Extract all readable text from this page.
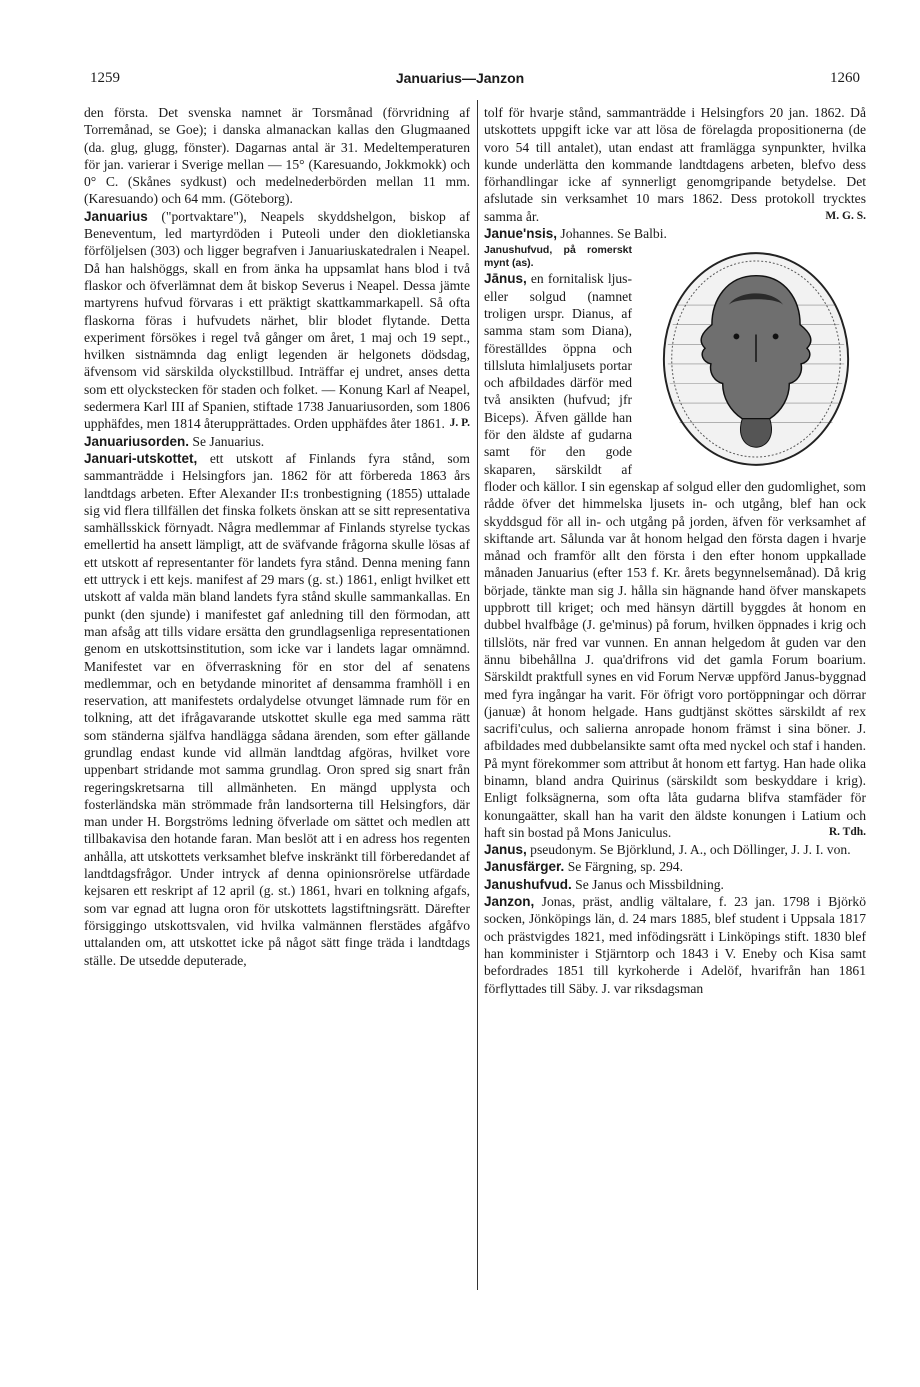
1259	Januarius—Janzon	1260

den första. Det svenska namnet är Torsmånad (förvridning af Torremånad, se Goe); i danska almanackan kallas den Glugmaaned (da. glug, glugg, fönster). Dagarnas antal är 31. Medeltemperaturen för jan. varierar i Sverige mellan — 15° (Karesuando, Jokkmokk) och 0° C. (Skånes sydkust) och medelnederbörden mellan 11 mm. (Karesuando) och 64 mm. (Göteborg).

Januarius ("portvaktare"), Neapels skyddshelgon, biskop af Beneventum, led martyrdöden i Puteoli under den diokletianska förföljelsen (303) och ligger begrafven i Januariuskatedralen i Neapel. Då han halshöggs, skall en from änka ha uppsamlat hans blod i två flaskor och öfverlämnat dem åt biskop Severus i Neapel. Dessa jämte martyrens hufvud förvaras i ett präktigt skattkammarkapell. Så ofta flaskorna föras i hufvudets närhet, blir blodet flytande. Detta experiment försökes i regel två gånger om året, 1 maj och 19 sept., hvilken sistnämnda dag enligt legenden är helgonets dödsdag, äfvensom vid särskilda olyckstillbud. Inträffar ej undret, anses detta som ett olyckstecken för staden och folket. — Konung Karl af Neapel, sedermera Karl III af Spanien, stiftade 1738 Januariusorden, som 1806 upphäfdes, men 1814 återupprättades. Orden upphäfdes åter 1861. J. P.

Januariusorden. Se Januarius.

Januari-utskottet, ett utskott af Finlands fyra stånd, som sammanträdde i Helsingfors jan. 1862 för att förbereda 1863 års landtdags arbeten. Efter Alexander II:s tronbestigning (1855) uttalade sig vid flera tillfällen det finska folkets önskan att se sitt representativa samhällsskick förnyadt. Några medlemmar af Finlands styrelse tyckas emellertid ha ansett lämpligt, att de sväfvande frågorna skulle lösas af ett utskott af representanter för landets fyra stånd. Denna mening fann ett uttryck i ett kejs. manifest af 29 mars (g. st.) 1861, enligt hvilket ett utskott af valda män bland landets fyra stånd skulle sammankallas. En punkt (den sjunde) i manifestet gaf anledning till den förmodan, att man afsåg att tills vidare ersätta den grundlagsenliga representationen genom en utskottsinstitution, som icke var i landets lagar omnämnd. Manifestet var en öfverraskning för en stor del af senatens medlemmar, och en betydande minoritet af densamma framhöll i en reservation, att manifestets ordalydelse otvunget lämnade rum för en tolkning, att det ifrågavarande utskottet skulle ega med samma rätt som ständerna själfva handlägga sådana ärenden, som efter gällande grundlag endast kunde vid allmän landtdag afgöras, hvilket vore uppenbart stridande mot samma grundlag. Oron spred sig snart från regeringskretsarna till allmänheten. En mängd upplysta och fosterländska män strömmade från landsorterna till Helsingfors, där man under H. Borgströms ledning öfverlade om sättet och medlen att tillbakavisa den hotande faran. Man beslöt att i en adress hos regenten anhålla, att utskottets verksamhet blefve inskränkt till förberedandet af landtdagsfrågor. Under intryck af denna opinionsrörelse utfärdade kejsaren ett reskript af 12 april (g. st.) 1861, hvari en tolkning afgafs, som var egnad att lugna oron för utskottets lagstiftningsrätt. Därefter försiggingo utskottsvalen, vid hvilka valmännen flerstädes afgåfvo uttalanden om, att utskottet icke på något sätt finge träda i landtdags ställe. De utsedde deputerade,

tolf för hvarje stånd, sammanträdde i Helsingfors 20 jan. 1862. Då utskottets uppgift icke var att lösa de förelagda propositionerna (de voro 54 till antalet), utan endast att framlägga synpunkter, hvilka kunde underlätta den kommande landtdagens arbeten, blefvo dess förhandlingar icke af synnerligt genomgripande betydelse. Det afslutade sin verksamhet 10 mars 1862. Dess protokoll trycktes samma år.	M. G. S.

Janue'nsis, Johannes. Se Balbi.

Janushufvud, på romerskt mynt (as).
Jānus, en fornitalisk ljus- eller solgud (namnet troligen urspr. Dianus, af samma stam som Diana), föreställdes öppna och tillsluta himlaljusets portar och afbildades därför med två ansikten (hufvud; jfr Biceps). Äfven gällde han för den äldste af gudarna samt för den gode skaparen, särskildt af floder och källor. I sin egenskap af solgud eller den gudomlighet, som rådde öfver det himmelska ljusets in- och utgång, blef han ock skyddsgud för all in- och utgång på jorden, äfven för verksamhet af skiftande art. Sålunda var åt honom helgad den första dagen i hvarje månad och framför allt den första i den efter honom uppkallade månaden Januarius (efter 153 f. Kr. årets begynnelsemånad). Då krig började, tänkte man sig J. hålla sin hägnande hand öfver manskapets uppbrott till kriget; och med hänsyn därtill byggdes åt honom en dubbel hvalfbåge (J. ge'minus) på forum, hvilken öppnades i krig och tillslöts, när fred var vunnen. En annan helgedom åt guden var den ännu bibehållna J. qua'drifrons vid det gamla Forum boarium. Särskildt praktfull synes en vid Forum Nervæ uppförd Janus-byggnad med fyra ingångar ha varit. För öfrigt voro portöppningar och dörrar (januæ) åt honom helgade. Hans gudtjänst sköttes särskildt af rex sacrifi'culus, och salierna anropade honom främst i sina böner. J. afbildades med dubbelansikte samt ofta med nyckel och staf i handen. På mynt förekommer som attribut åt honom ett fartyg. Han hade olika binamn, bland andra Quirinus (särskildt som beskyddare i krig). Enligt folksägnerna, som ofta låta gudarna blifva stamfäder för konungaätter, skall han ha varit den äldste konungen i Latium och haft sin bostad på Mons Janiculus.	R. Tdh.

Janus, pseudonym. Se Björklund, J. A., och Döllinger, J. J. I. von.

Janusfärger. Se Färgning, sp. 294.

Janushufvud. Se Janus och Missbildning.

Janzon, Jonas, präst, andlig vältalare, f. 23 jan. 1798 i Björkö socken, Jönköpings län, d. 24 mars 1885, blef student i Uppsala 1817 och prästvigdes 1821, med infödingsrätt i Linköpings stift. 1830 blef han komminister i Stjärntorp och 1843 i V. Eneby och Kisa samt befordrades 1851 till kyrkoherde i Adelöf, hvarifrån han 1861 förflyttades till Säby. J. var riksdagsman
